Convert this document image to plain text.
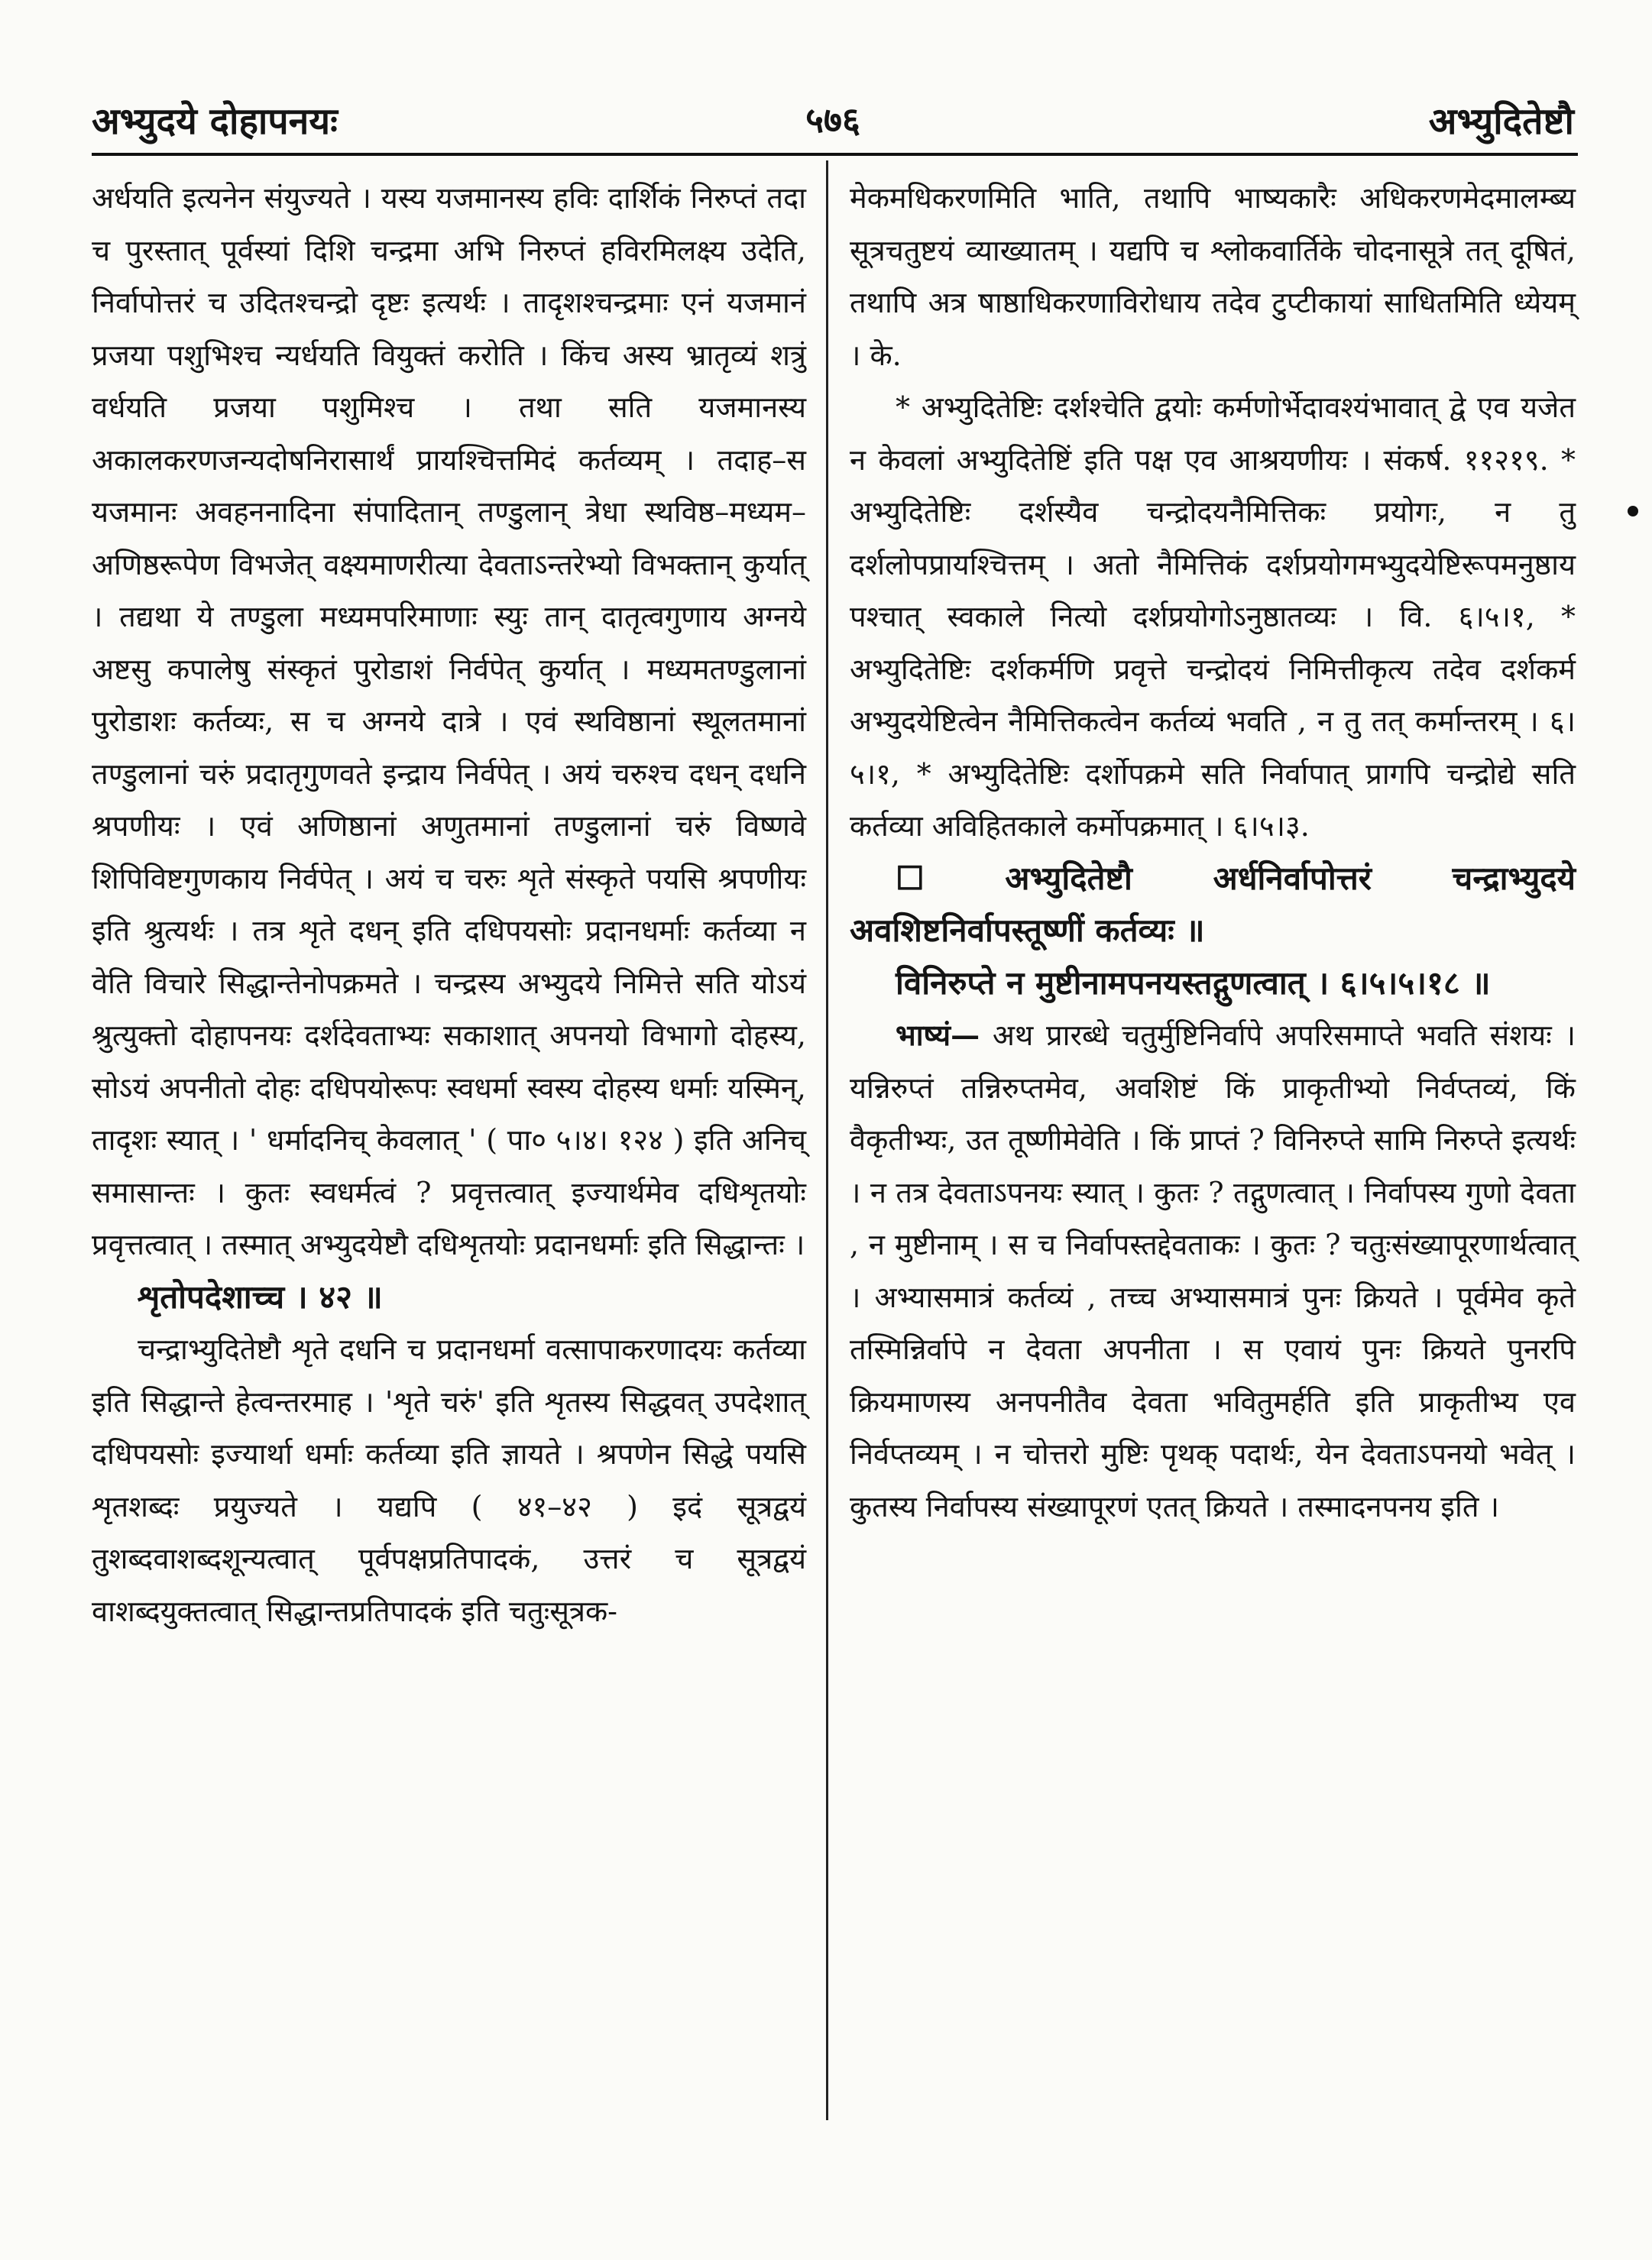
अभ्युदये दोहापनयः	५७६	अभ्युदितेष्टौ

अर्धयति इत्यनेन संयुज्यते । यस्य यजमानस्य हविः दार्शिकं निरुप्तं तदा च पुरस्तात् पूर्वस्यां दिशि चन्द्रमा अभि निरुप्तं हविरमिलक्ष्य उदेति, निर्वापोत्तरं च उदितश्चन्द्रो दृष्टः इत्यर्थः । तादृशश्चन्द्रमाः एनं यजमानं प्रजया पशुभिश्च न्यर्धयति वियुक्तं करोति । किंच अस्य भ्रातृव्यं शत्रुं वर्धयति प्रजया पशुमिश्च । तथा सति यजमानस्य अकालकरणजन्यदोषनिरासार्थं प्रायश्चित्तमिदं कर्तव्यम् । तदाह–स यजमानः अवहननादिना संपादितान् तण्डुलान् त्रेधा स्थविष्ठ–मध्यम–अणिष्ठरूपेण विभजेत् वक्ष्यमाणरीत्या देवताऽन्तरेभ्यो विभक्तान् कुर्यात् । तद्यथा ये तण्डुला मध्यमपरिमाणाः स्युः तान् दातृत्वगुणाय अग्नये अष्टसु कपालेषु संस्कृतं पुरोडाशं निर्वपेत् कुर्यात् । मध्यमतण्डुलानां पुरोडाशः कर्तव्यः, स च अग्नये दात्रे । एवं स्थविष्ठानां स्थूलतमानां तण्डुलानां चरुं प्रदातृगुणवते इन्द्राय निर्वपेत् । अयं चरुश्च दधन् दधनि श्रपणीयः । एवं अणिष्ठानां अणुतमानां तण्डुलानां चरुं विष्णवे शिपिविष्टगुणकाय निर्वपेत् । अयं च चरुः शृते संस्कृते पयसि श्रपणीयः इति श्रुत्यर्थः । तत्र शृते दधन् इति दधिपयसोः प्रदानधर्माः कर्तव्या न वेति विचारे सिद्धान्तेनोपक्रमते । चन्द्रस्य अभ्युदये निमित्ते सति योऽयं श्रुत्युक्तो दोहापनयः दर्शदेवताभ्यः सकाशात् अपनयो विभागो दोहस्य, सोऽयं अपनीतो दोहः दधिपयोरूपः स्वधर्मा स्वस्य दोहस्य धर्माः यस्मिन्, तादृशः स्यात् । ' धर्मादनिच् केवलात् ' ( पा० ५।४। १२४ ) इति अनिच् समासान्तः । कुतः स्वधर्मत्वं ? प्रवृत्तत्वात् इज्यार्थमेव दधिशृतयोः प्रवृत्तत्वात् । तस्मात् अभ्युदयेष्टौ दधिशृतयोः प्रदानधर्माः इति सिद्धान्तः ।

शृतोपदेशाच्च । ४२ ॥

चन्द्राभ्युदितेष्टौ शृते दधनि च प्रदानधर्मा वत्सापाकरणादयः कर्तव्या इति सिद्धान्ते हेत्वन्तरमाह । 'शृते चरुं' इति शृतस्य सिद्धवत् उपदेशात् दधिपयसोः इज्यार्था धर्माः कर्तव्या इति ज्ञायते । श्रपणेन सिद्धे पयसि शृतशब्दः प्रयुज्यते । यद्यपि ( ४१–४२ ) इदं सूत्रद्वयं तुशब्दवाशब्दशून्यत्वात् पूर्वपक्षप्रतिपादकं, उत्तरं च सूत्रद्वयं वाशब्दयुक्तत्वात् सिद्धान्तप्रतिपादकं इति चतुःसूत्रक-

मेकमधिकरणमिति भाति, तथापि भाष्यकारैः अधिकरणमेदमालम्ब्य सूत्रचतुष्टयं व्याख्यातम् । यद्यपि च श्लोकवार्तिके चोदनासूत्रे तत् दूषितं, तथापि अत्र षाष्ठाधिकरणाविरोधाय तदेव टुप्टीकायां साधितमिति ध्येयम् । के.

* अभ्युदितेष्टिः दर्शश्चेति द्वयोः कर्मणोर्भेदावश्यंभावात् द्वे एव यजेत न केवलां अभ्युदितेष्टिं इति पक्ष एव आश्रयणीयः । संकर्ष. ११२१९. * अभ्युदितेष्टिः दर्शस्यैव चन्द्रोदयनैमित्तिकः प्रयोगः, न तु दर्शलोपप्रायश्चित्तम् । अतो नैमित्तिकं दर्शप्रयोगमभ्युदयेष्टिरूपमनुष्ठाय पश्चात् स्वकाले नित्यो दर्शप्रयोगोऽनुष्ठातव्यः । वि. ६।५।१, * अभ्युदितेष्टिः दर्शकर्मणि प्रवृत्ते चन्द्रोदयं निमित्तीकृत्य तदेव दर्शकर्म अभ्युदयेष्टित्वेन नैमित्तिकत्वेन कर्तव्यं भवति , न तु तत् कर्मान्तरम् । ६।५।१, * अभ्युदितेष्टिः दर्शोपक्रमे सति निर्वापात् प्रागपि चन्द्रोद्ये सति कर्तव्या अविहितकाले कर्मोपक्रमात् । ६।५।३.

☐ अभ्युदितेष्टौ अर्धनिर्वापोत्तरं चन्द्राभ्युदये अवशिष्टनिर्वापस्तूष्णीं कर्तव्यः ॥

विनिरुप्ते न मुष्टीनामपनयस्तद्गुणत्वात् । ६।५।५।१८ ॥

भाष्यं— अथ प्रारब्धे चतुर्मुष्टिनिर्वापे अपरिसमाप्ते भवति संशयः । यन्निरुप्तं तन्निरुप्तमेव, अवशिष्टं किं प्राकृतीभ्यो निर्वप्तव्यं, किं वैकृतीभ्यः, उत तूष्णीमेवेति । किं प्राप्तं ? विनिरुप्ते सामि निरुप्ते इत्यर्थः । न तत्र देवताऽपनयः स्यात् । कुतः ? तद्गुणत्वात् । निर्वापस्य गुणो देवता , न मुष्टीनाम् । स च निर्वापस्तद्देवताकः । कुतः ? चतुःसंख्यापूरणार्थत्वात् । अभ्यासमात्रं कर्तव्यं , तच्च अभ्यासमात्रं पुनः क्रियते । पूर्वमेव कृते तस्मिन्निर्वापे न देवता अपनीता । स एवायं पुनः क्रियते पुनरपि क्रियमाणस्य अनपनीतैव देवता भवितुमर्हति इति प्राकृतीभ्य एव निर्वप्तव्यम् । न चोत्तरो मुष्टिः पृथक् पदार्थः, येन देवताऽपनयो भवेत् । कुतस्य निर्वापस्य संख्यापूरणं एतत् क्रियते । तस्मादनपनय इति ।
